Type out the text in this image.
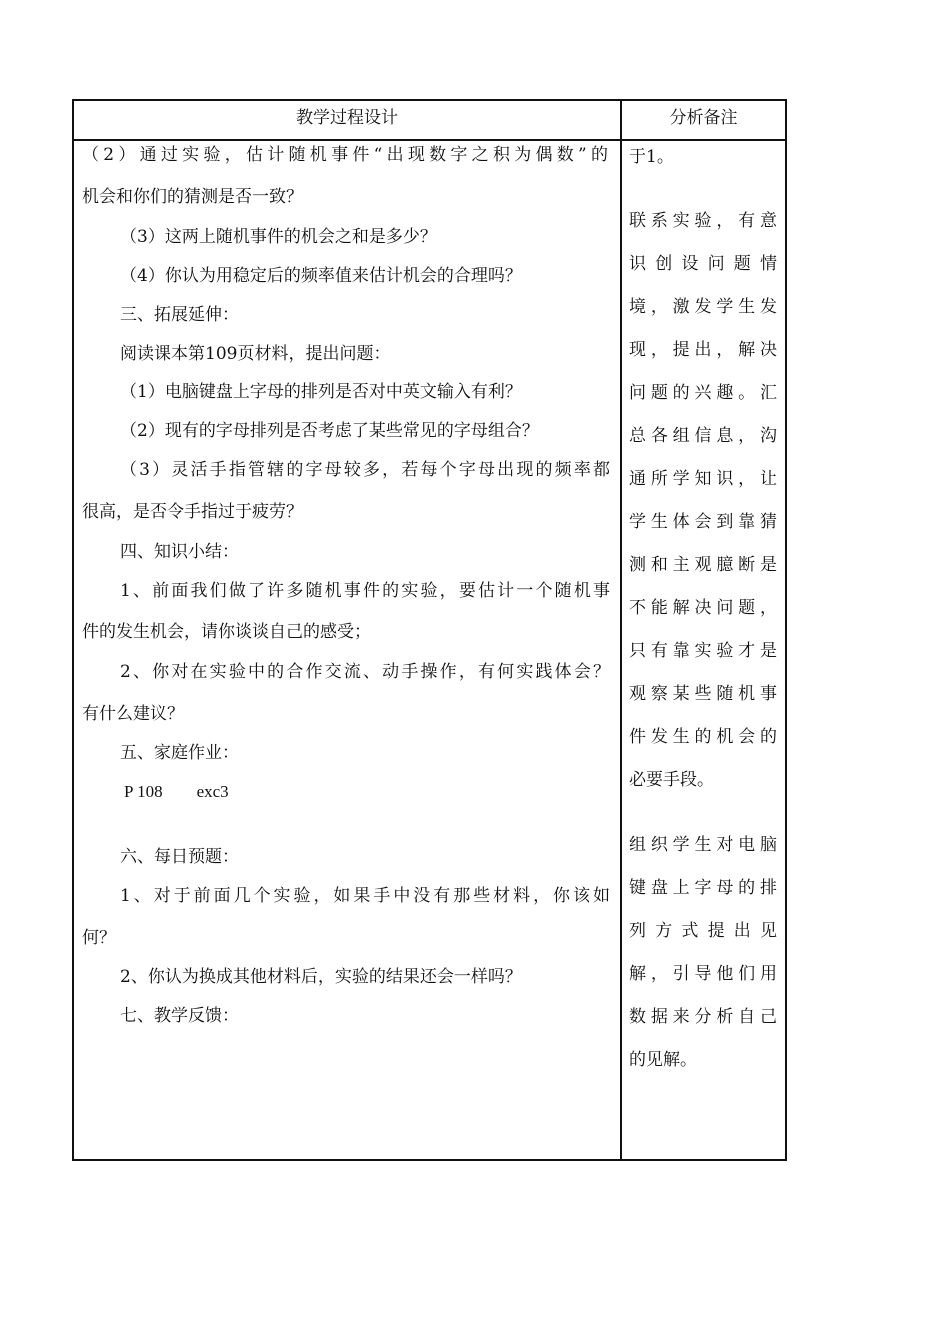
教学过程设计	分析备注
（2）通过实验，估计随机事件“出现数字之积为偶数”的
机会和你们的猜测是否一致？
（3）这两上随机事件的机会之和是多少？
（4）你认为用稳定后的频率值来估计机会的合理吗？
三、拓展延伸：
阅读课本第109页材料，提出问题：
（1）电脑键盘上字母的排列是否对中英文输入有利？
（2）现有的字母排列是否考虑了某些常见的字母组合？
（3）灵活手指管辖的字母较多，若每个字母出现的频率都
很高，是否令手指过于疲劳？
四、知识小结：
1、前面我们做了许多随机事件的实验，要估计一个随机事
件的发生机会，请你谈谈自己的感受；
2、你对在实验中的合作交流、动手操作，有何实践体会？
有什么建议？
五、家庭作业：
P 108　　exc3
六、每日预题：
1、对于前面几个实验，如果手中没有那些材料，你该如
何？
2、你认为换成其他材料后，实验的结果还会一样吗？
七、教学反馈：
于1。
联系实验，有意
识创设问题情
境，激发学生发
现，提出，解决
问题的兴趣。汇
总各组信息，沟
通所学知识，让
学生体会到靠猜
测和主观臆断是
不能解决问题，
只有靠实验才是
观察某些随机事
件发生的机会的
必要手段。
组织学生对电脑
键盘上字母的排
列方式提出见
解，引导他们用
数据来分析自己
的见解。
